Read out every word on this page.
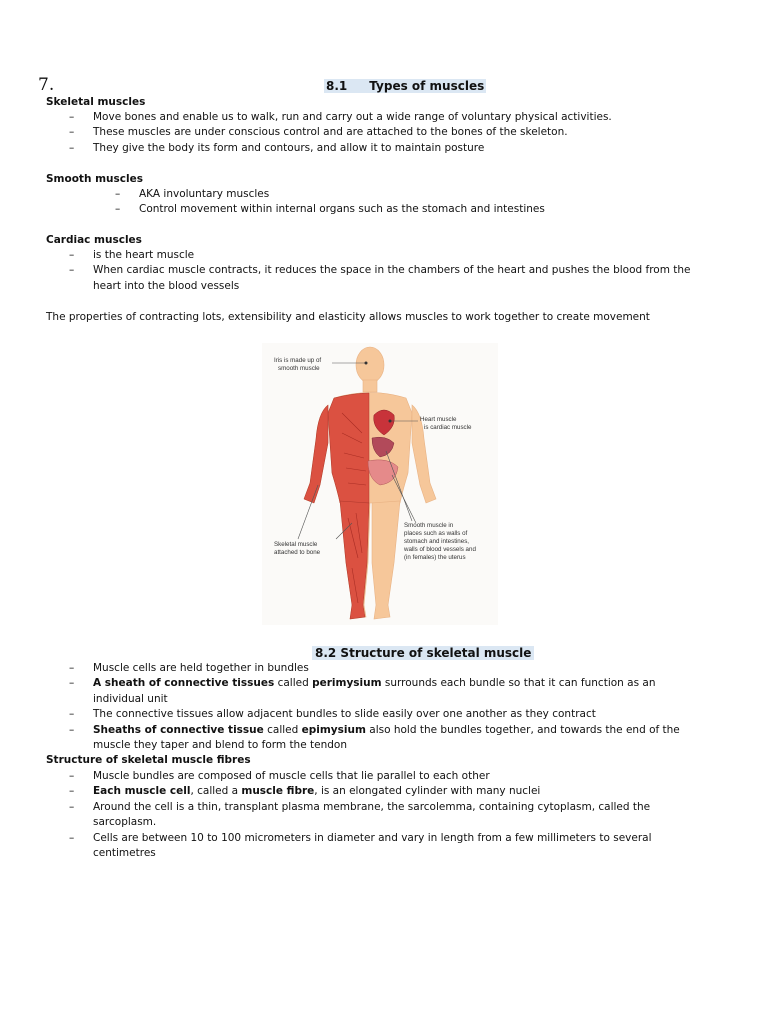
7.	8.1 Types of muscles
Skeletal muscles
– Move bones and enable us to walk, run and carry out a wide range of voluntary physical activities.
– These muscles are under conscious control and are attached to the bones of the skeleton.
– They give the body its form and contours, and allow it to maintain posture
Smooth muscles
– AKA involuntary muscles
– Control movement within internal organs such as the stomach and intestines
Cardiac muscles
– is the heart muscle
– When cardiac muscle contracts, it reduces the space in the chambers of the heart and pushes the blood from the heart into the blood vessels
The properties of contracting lots, extensibility and elasticity allows muscles to work together to create movement
Iris is made up of
smooth muscle
Heart muscle
is cardiac muscle
Skeletal muscle
attached to bone
Smooth muscle in
places such as walls of
stomach and intestines,
walls of blood vessels and
(in females) the uterus
8.2 Structure of skeletal muscle
– Muscle cells are held together in bundles
– A sheath of connective tissues called perimysium surrounds each bundle so that it can function as an individual unit
– The connective tissues allow adjacent bundles to slide easily over one another as they contract
– Sheaths of connective tissue called epimysium also hold the bundles together, and towards the end of the muscle they taper and blend to form the tendon
Structure of skeletal muscle fibres
– Muscle bundles are composed of muscle cells that lie parallel to each other
– Each muscle cell, called a muscle fibre, is an elongated cylinder with many nuclei
– Around the cell is a thin, transplant plasma membrane, the sarcolemma, containing cytoplasm, called the sarcoplasm.
– Cells are between 10 to 100 micrometers in diameter and vary in length from a few millimeters to several centimetres
